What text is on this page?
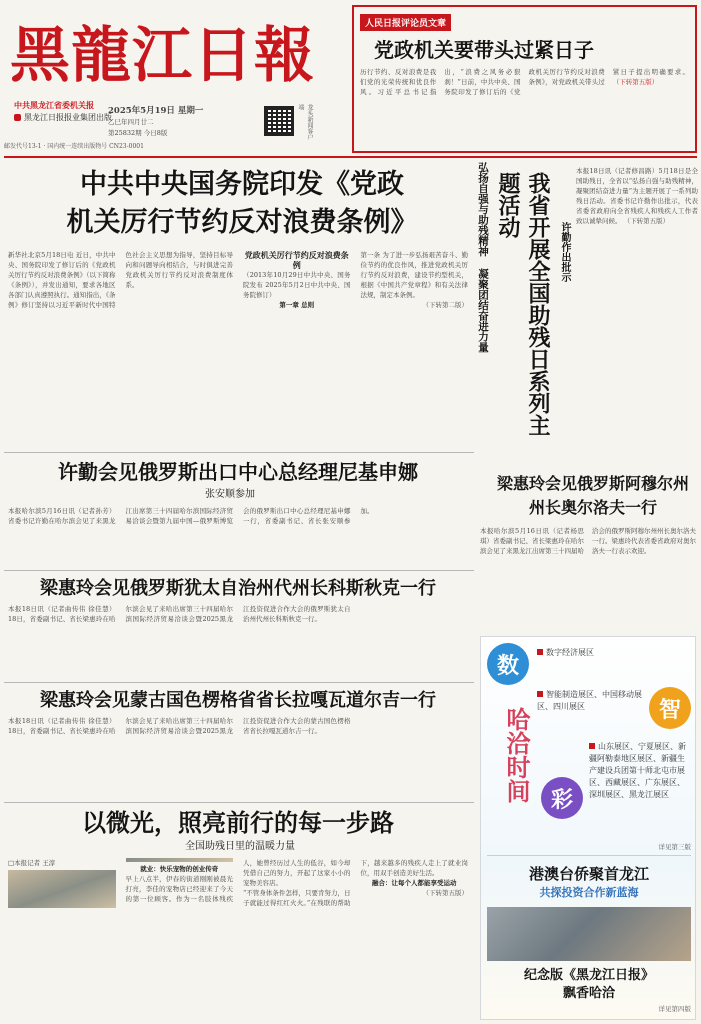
黑龍江日報
中共黑龙江省委机关报
黑龙江日报报业集团出版
2025年5月19日 星期一
乙巳年四月廿二
第25832期 今日8版	龙头新闻客户端
邮发代号13-1 · 国内统一连续出版物号 CN23-0001
人民日报评论员文章
党政机关要带头过紧日子
历行节约、反对浪费是我们党的光荣传统和优良作风。习近平总书记指出，“浪费之风务必狠刹！”日前，中共中央、国务院印发了修订后的《党政机关厉行节约反对浪费条例》，对党政机关带头过紧日子提出明确要求。 （下转第五版）
中共中央国务院印发《党政
机关厉行节约反对浪费条例》

新华社北京5月18日电 近日，中共中央、国务院印发了修订后的《党政机关厉行节约反对浪费条例》（以下简称《条例》），并发出通知，要求各地区各部门认真遵照执行。通知指出，《条例》修订坚持以习近平新时代中国特色社会主义思想为指导，坚持目标导向和问题导向相结合，与时俱进完善党政机关厉行节约反对浪费制度体系。

党政机关厉行节约反对浪费条例

（2013年10月29日中共中央、国务院发布 2025年5月2日中共中央、国务院修订）

第一章 总则

第一条 为了进一步弘扬艰苦奋斗、勤俭节约的优良作风，推进党政机关厉行节约反对浪费，建设节约型机关，根据《中国共产党章程》和有关法律法规，制定本条例。

（下转第二版） 弘扬自强与助残精神 凝聚团结奋进力量	我省开展全国助残日系列主题活动
许勤作出批示
本报18日讯（记者修昌路）5月18日是全国助残日，全省以“弘扬自强与助残精神，凝聚团结奋进力量”为主题开展了一系列助残日活动。省委书记许勤作出批示，代表省委省政府向全省残疾人和残疾人工作者致以诚挚问候。 （下转第五版）
许勤会见俄罗斯出口中心总经理尼基申娜
张安顺参加
本报哈尔滨5月16日讯（记者孙芳）省委书记许勤在哈尔滨会见了来黑龙江出席第三十四届哈尔滨国际经济贸易洽谈会暨第九届中国—俄罗斯博览会的俄罗斯出口中心总经理尼基申娜一行，省委副书记、省长张安顺参加。
梁惠玲会见俄罗斯阿穆尔州州长奥尔洛夫一行
本报哈尔滨5月16日讯（记者杨思琪）省委副书记、省长梁惠玲在哈尔滨会见了来黑龙江出席第三十四届哈洽会的俄罗斯阿穆尔州州长奥尔洛夫一行。梁惠玲代表省委省政府对奥尔洛夫一行表示欢迎。
梁惠玲会见俄罗斯犹太自治州代州长科斯秋克一行
本报18日讯（记者曲传伟 徐佳慧）18日，省委副书记、省长梁惠玲在哈尔滨会见了来哈出席第三十四届哈尔滨国际经济贸易洽谈会暨2025黑龙江投资促进合作大会的俄罗斯犹太自治州代州长科斯秋克一行。
梁惠玲会见蒙古国色楞格省省长拉嘎瓦道尔吉一行
本报18日讯（记者曲传伟 徐佳慧）18日，省委副书记、省长梁惠玲在哈尔滨会见了来哈出席第三十四届哈尔滨国际经济贸易洽谈会暨2025黑龙江投资促进合作大会的蒙古国色楞格省省长拉嘎瓦道尔吉一行。
以微光，照亮前行的每一步路
全国助残日里的温暖力量

□本报记者 王淳

就业：快乐宠物的创业传奇

早上八点半，伊春的街道刚刚被晨光打亮，李佳的宠物店已经迎来了今天的第一位顾客。作为一名肢体残疾人，她曾经历过人生的低谷，如今却凭借自己的努力，开起了这家小小的宠物美容店。

“不管身体条件怎样，只要肯努力，日子就能过得红红火火。”在残联的帮助下，越来越多的残疾人走上了就业岗位，用双手创造美好生活。

融合：让每个人都能享受运动

（下转第五版）

数
哈洽时间
数字经济展区
智
智能制造展区、中国移动展区、四川展区
彩
山东展区、宁夏展区、新疆阿勒泰地区展区、新疆生产建设兵团第十师北屯市展区、西藏展区、广东展区、深圳展区、黑龙江展区
详见第三版
港澳台侨聚首龙江
共探投资合作新蓝海
纪念版《黑龙江日报》
飘香哈洽
详见第四版
